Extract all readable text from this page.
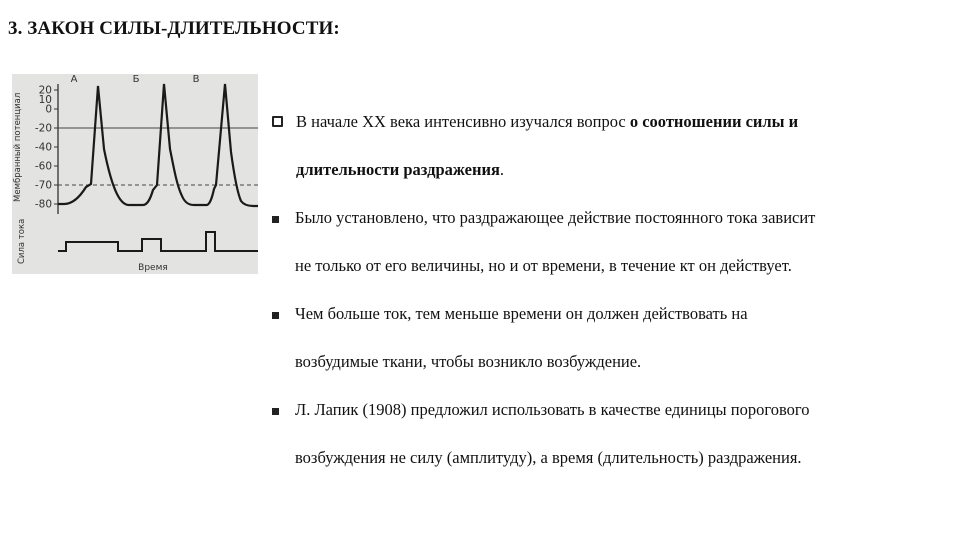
3. ЗАКОН СИЛЫ-ДЛИТЕЛЬНОСТИ:
20
10
0
-20
-40
-60
-70
-80
Мембранный потенциал
Сила тока
А	Б	В
Время
В начале XX века интенсивно изучался вопрос о соотношении силы и
длительности раздражения.
Было установлено, что раздражающее действие постоянного тока зависит
не только от его величины, но и от времени, в течение кт он действует.
Чем больше ток, тем меньше времени он должен действовать на
возбудимые ткани, чтобы возникло возбуждение.
Л. Лапик (1908) предложил использовать в качестве единицы порогового
возбуждения не силу (амплитуду), а время (длительность) раздражения.
